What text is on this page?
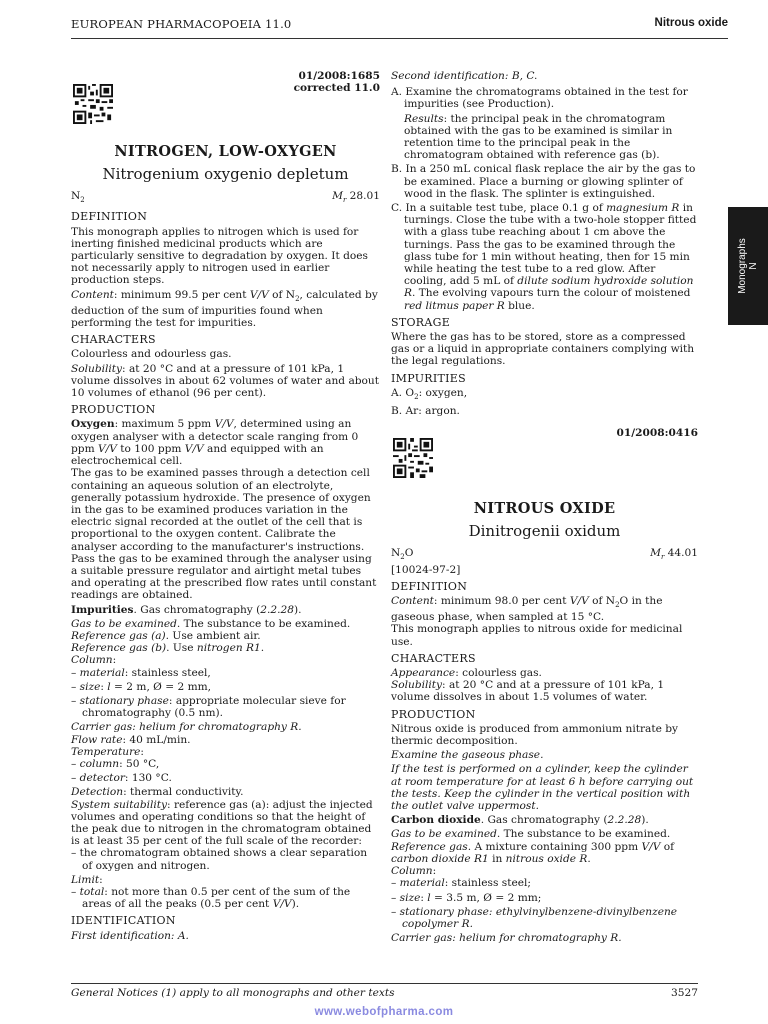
EUROPEAN PHARMACOPOEIA 11.0	Nitrous oxide
Monographs
N
01/2008:1685
corrected 11.0
NITROGEN, LOW-OXYGEN
Nitrogenium oxygenio depletum
$N_2$	$M_r$ 28.01
DEFINITION

This monograph applies to nitrogen which is used for inerting finished medicinal products which are particularly sensitive to degradation by oxygen. It does not necessarily apply to nitrogen used in earlier production steps.

Content: minimum 99.5 per cent V/V of $N_2$, calculated by deduction of the sum of impurities found when performing the test for impurities.

CHARACTERS

Colourless and odourless gas.

Solubility: at 20 °C and at a pressure of 101 kPa, 1 volume dissolves in about 62 volumes of water and about 10 volumes of ethanol (96 per cent).

PRODUCTION

Oxygen: maximum 5 ppm V/V, determined using an oxygen analyser with a detector scale ranging from 0 ppm V/V to 100 ppm V/V and equipped with an electrochemical cell.

The gas to be examined passes through a detection cell containing an aqueous solution of an electrolyte, generally potassium hydroxide. The presence of oxygen in the gas to be examined produces variation in the electric signal recorded at the outlet of the cell that is proportional to the oxygen content. Calibrate the analyser according to the manufacturer's instructions. Pass the gas to be examined through the analyser using a suitable pressure regulator and airtight metal tubes and operating at the prescribed flow rates until constant readings are obtained.

Impurities. Gas chromatography (2.2.28).

Gas to be examined. The substance to be examined.

Reference gas (a). Use ambient air.

Reference gas (b). Use nitrogen R1.

Column:

– material: stainless steel,

– size: l = 2 m, Ø = 2 mm,

– stationary phase: appropriate molecular sieve for chromatography (0.5 nm).

Carrier gas: helium for chromatography R.

Flow rate: 40 mL/min.

Temperature:

– column: 50 °C,

– detector: 130 °C.

Detection: thermal conductivity.

System suitability: reference gas (a): adjust the injected volumes and operating conditions so that the height of the peak due to nitrogen in the chromatogram obtained is at least 35 per cent of the full scale of the recorder:

– the chromatogram obtained shows a clear separation of oxygen and nitrogen.

Limit:

– total: not more than 0.5 per cent of the sum of the areas of all the peaks (0.5 per cent V/V).

IDENTIFICATION

First identification: A.

Second identification: B, C.

A. Examine the chromatograms obtained in the test for impurities (see Production).

Results: the principal peak in the chromatogram obtained with the gas to be examined is similar in retention time to the principal peak in the chromatogram obtained with reference gas (b).

B. In a 250 mL conical flask replace the air by the gas to be examined. Place a burning or glowing splinter of wood in the flask. The splinter is extinguished.

C. In a suitable test tube, place 0.1 g of magnesium R in turnings. Close the tube with a two-hole stopper fitted with a glass tube reaching about 1 cm above the turnings. Pass the gas to be examined through the glass tube for 1 min without heating, then for 15 min while heating the test tube to a red glow. After cooling, add 5 mL of dilute sodium hydroxide solution R. The evolving vapours turn the colour of moistened red litmus paper R blue.

STORAGE

Where the gas has to be stored, store as a compressed gas or a liquid in appropriate containers complying with the legal regulations.

IMPURITIES

A. $O_2$: oxygen,

B. Ar: argon.

01/2008:0416
NITROUS OXIDE
Dinitrogenii oxidum
$N_2O$	$M_r$ 44.01

[10024-97-2]

DEFINITION

Content: minimum 98.0 per cent V/V of $N_2O$ in the gaseous phase, when sampled at 15 °C.

This monograph applies to nitrous oxide for medicinal use.

CHARACTERS

Appearance: colourless gas.

Solubility: at 20 °C and at a pressure of 101 kPa, 1 volume dissolves in about 1.5 volumes of water.

PRODUCTION

Nitrous oxide is produced from ammonium nitrate by thermic decomposition.

Examine the gaseous phase.

If the test is performed on a cylinder, keep the cylinder at room temperature for at least 6 h before carrying out the tests. Keep the cylinder in the vertical position with the outlet valve uppermost.

Carbon dioxide. Gas chromatography (2.2.28).

Gas to be examined. The substance to be examined.

Reference gas. A mixture containing 300 ppm V/V of carbon dioxide R1 in nitrous oxide R.

Column:

– material: stainless steel;

– size: l = 3.5 m, Ø = 2 mm;

– stationary phase: ethylvinylbenzene-divinylbenzene copolymer R.

Carrier gas: helium for chromatography R.

General Notices (1) apply to all monographs and other texts	3527
www.webofpharma.com
